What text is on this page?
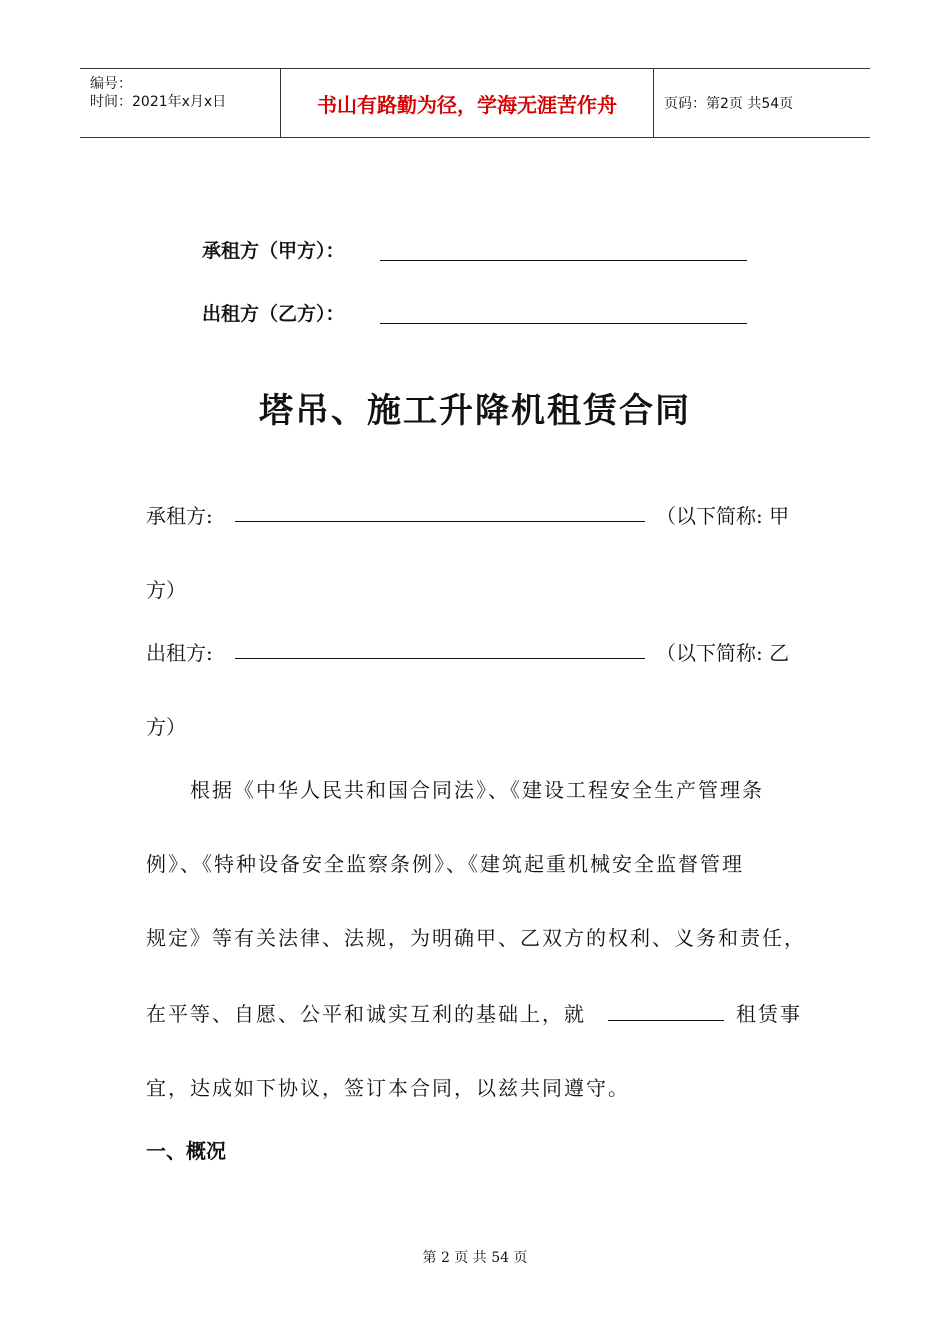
编号：
时间：2021年x月x日	书山有路勤为径，学海无涯苦作舟	页码：第2页 共54页
承租方（甲方）：
出租方（乙方）：
塔吊、施工升降机租赁合同
承租方:	（以下简称: 甲
方）
出租方:	（以下简称: 乙
方）
根据《中华人民共和国合同法》、《建设工程安全生产管理条
例》、《特种设备安全监察条例》、《建筑起重机械安全监督管理
规定》等有关法律、法规，为明确甲、乙双方的权利、义务和责任，
在平等、自愿、公平和诚实互利的基础上，就	租赁事
宜，达成如下协议，签订本合同，以兹共同遵守。
一、概况
第 2 页 共 54 页
